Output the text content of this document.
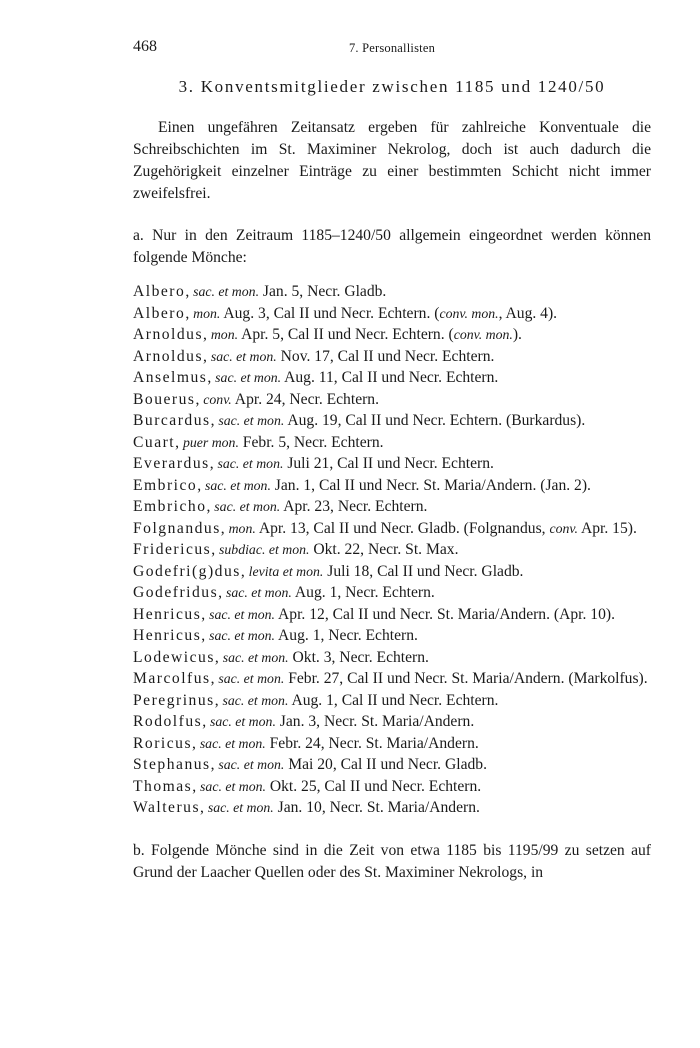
468	7. Personallisten
3. Konventsmitglieder zwischen 1185 und 1240/50

Einen ungefähren Zeitansatz ergeben für zahlreiche Konventuale die Schreibschichten im St. Maximiner Nekrolog, doch ist auch dadurch die Zugehörigkeit einzelner Einträge zu einer bestimmten Schicht nicht immer zweifelsfrei.

a. Nur in den Zeitraum 1185–1240/50 allgemein eingeordnet werden können folgende Mönche:

Albero, sac. et mon. Jan. 5, Necr. Gladb.
Albero, mon. Aug. 3, Cal II und Necr. Echtern. (conv. mon., Aug. 4).
Arnoldus, mon. Apr. 5, Cal II und Necr. Echtern. (conv. mon.).
Arnoldus, sac. et mon. Nov. 17, Cal II und Necr. Echtern.
Anselmus, sac. et mon. Aug. 11, Cal II und Necr. Echtern.
Bouerus, conv. Apr. 24, Necr. Echtern.
Burcardus, sac. et mon. Aug. 19, Cal II und Necr. Echtern. (Burkardus).
Cuart, puer mon. Febr. 5, Necr. Echtern.
Everardus, sac. et mon. Juli 21, Cal II und Necr. Echtern.
Embrico, sac. et mon. Jan. 1, Cal II und Necr. St. Maria/Andern. (Jan. 2).
Embricho, sac. et mon. Apr. 23, Necr. Echtern.
Folgnandus, mon. Apr. 13, Cal II und Necr. Gladb. (Folgnandus, conv. Apr. 15).
Fridericus, subdiac. et mon. Okt. 22, Necr. St. Max.
Godefri(g)dus, levita et mon. Juli 18, Cal II und Necr. Gladb.
Godefridus, sac. et mon. Aug. 1, Necr. Echtern.
Henricus, sac. et mon. Apr. 12, Cal II und Necr. St. Maria/Andern. (Apr. 10).
Henricus, sac. et mon. Aug. 1, Necr. Echtern.
Lodewicus, sac. et mon. Okt. 3, Necr. Echtern.
Marcolfus, sac. et mon. Febr. 27, Cal II und Necr. St. Maria/Andern. (Markolfus).
Peregrinus, sac. et mon. Aug. 1, Cal II und Necr. Echtern.
Rodolfus, sac. et mon. Jan. 3, Necr. St. Maria/Andern.
Roricus, sac. et mon. Febr. 24, Necr. St. Maria/Andern.
Stephanus, sac. et mon. Mai 20, Cal II und Necr. Gladb.
Thomas, sac. et mon. Okt. 25, Cal II und Necr. Echtern.
Walterus, sac. et mon. Jan. 10, Necr. St. Maria/Andern.

b. Folgende Mönche sind in die Zeit von etwa 1185 bis 1195/99 zu setzen auf Grund der Laacher Quellen oder des St. Maximiner Nekrologs, in
